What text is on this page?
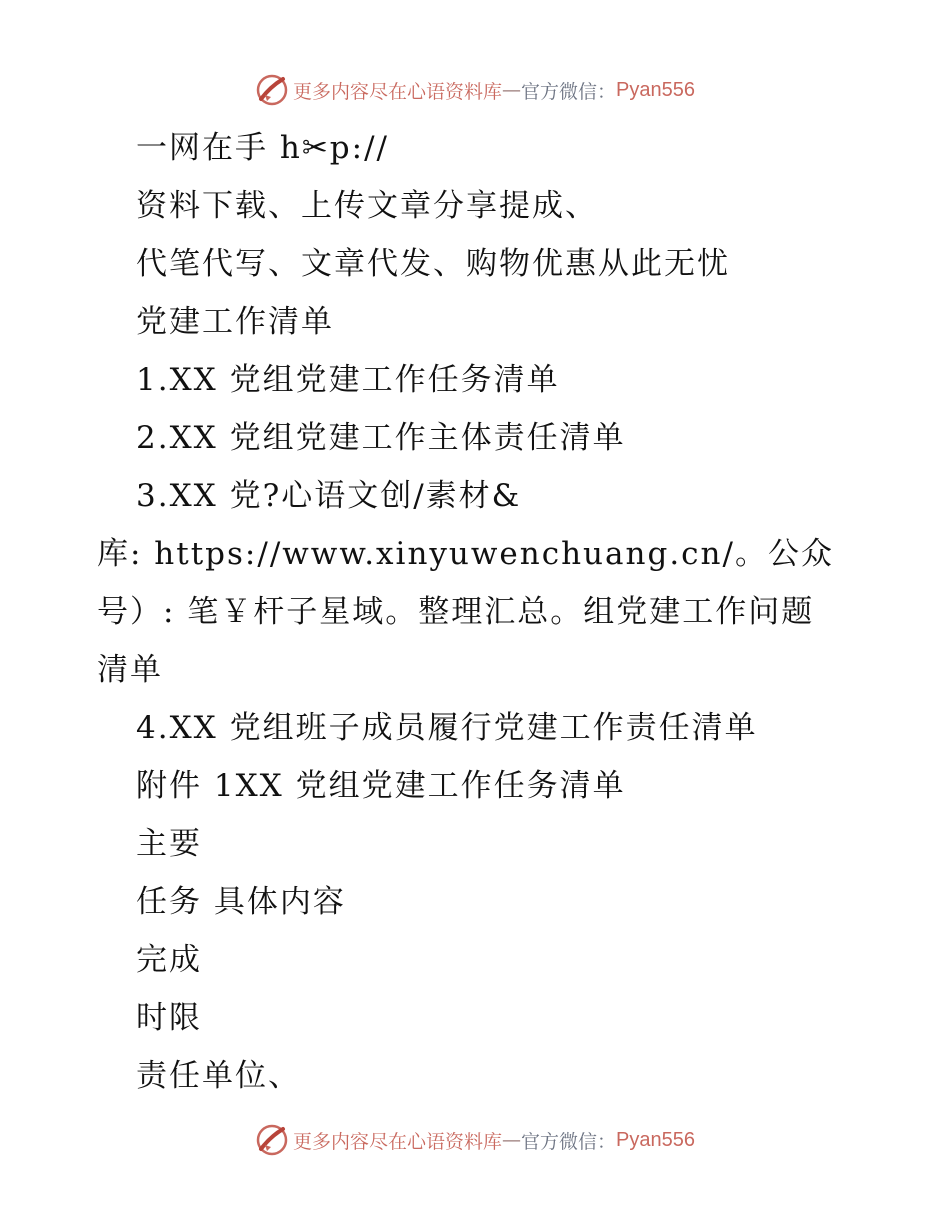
更多内容尽在心语资料库 — 官方微信： Pyan556
一网在手 h✂p://
资料下载、上传文章分享提成、
代笔代写、文章代发、购物优惠从此无忧
党建工作清单
1.XX 党组党建工作任务清单
2.XX 党组党建工作主体责任清单
3.XX 党?心语文创/素材&
库: https://www.xinyuwenchuang.cn/。公众
号）: 笔￥杆子星域。整理汇总。组党建工作问题
清单
4.XX 党组班子成员履行党建工作责任清单
附件 1XX 党组党建工作任务清单
主要
任务 具体内容
完成
时限
责任单位、
更多内容尽在心语资料库 — 官方微信： Pyan556
